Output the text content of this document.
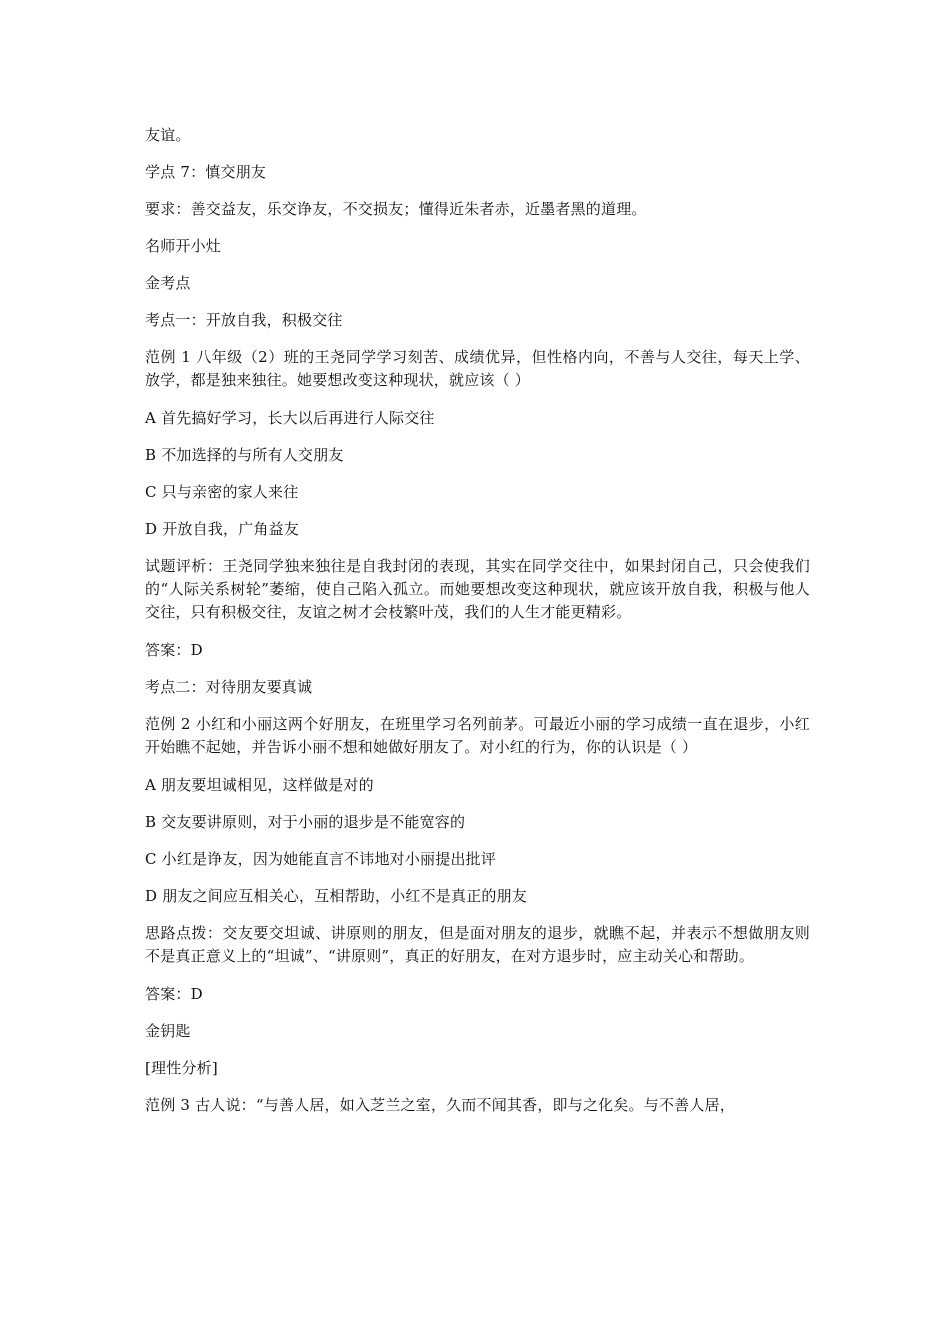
友谊。

学点 7：慎交朋友

要求：善交益友，乐交诤友，不交损友；懂得近朱者赤，近墨者黑的道理。

名师开小灶

金考点

考点一：开放自我，积极交往

范例 1 八年级（2）班的王尧同学学习刻苦、成绩优异，但性格内向，不善与人交往，每天上学、放学，都是独来独往。她要想改变这种现状，就应该（ ）

A 首先搞好学习，长大以后再进行人际交往

B 不加选择的与所有人交朋友

C 只与亲密的家人来往

D 开放自我，广角益友

试题评析：王尧同学独来独往是自我封闭的表现，其实在同学交往中，如果封闭自己，只会使我们的“人际关系树轮”萎缩，使自己陷入孤立。而她要想改变这种现状，就应该开放自我，积极与他人交往，只有积极交往，友谊之树才会枝繁叶茂，我们的人生才能更精彩。

答案：D

考点二：对待朋友要真诚

范例 2 小红和小丽这两个好朋友，在班里学习名列前茅。可最近小丽的学习成绩一直在退步，小红开始瞧不起她，并告诉小丽不想和她做好朋友了。对小红的行为，你的认识是（ ）

A 朋友要坦诚相见，这样做是对的

B 交友要讲原则，对于小丽的退步是不能宽容的

C 小红是诤友，因为她能直言不讳地对小丽提出批评

D 朋友之间应互相关心，互相帮助，小红不是真正的朋友

思路点拨：交友要交坦诚、讲原则的朋友，但是面对朋友的退步，就瞧不起，并表示不想做朋友则不是真正意义上的“坦诚”、“讲原则”，真正的好朋友，在对方退步时，应主动关心和帮助。

答案：D

金钥匙

[理性分析]

范例 3 古人说：“与善人居，如入芝兰之室，久而不闻其香，即与之化矣。与不善人居，
